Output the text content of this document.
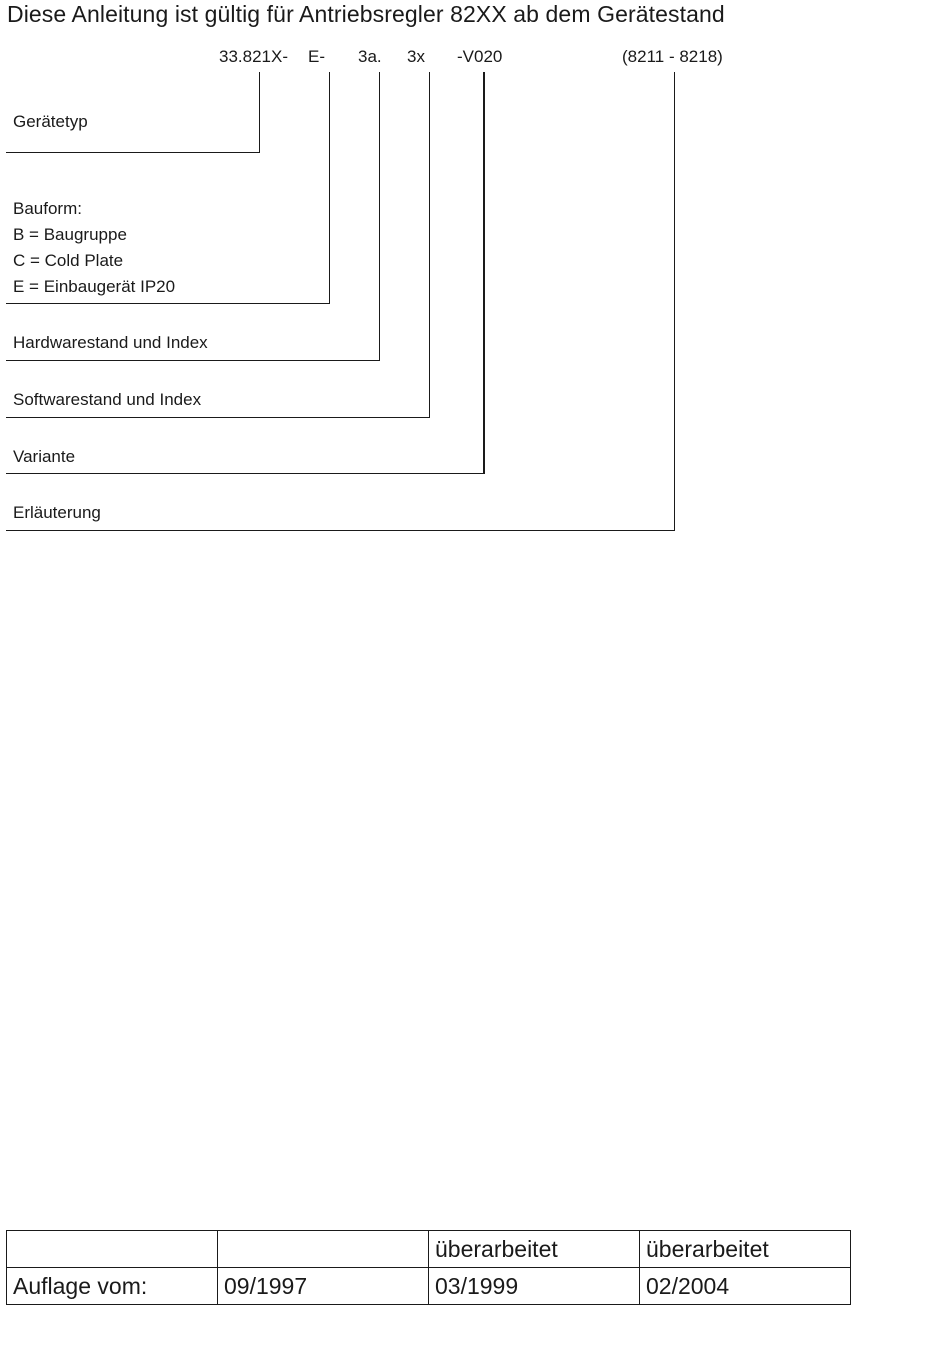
Diese Anleitung ist gültig für Antriebsregler 82XX ab dem Gerätestand
33.821X- E- 3a. 3x -V020	(8211 - 8218)
Gerätetyp
Bauform:
B = Baugruppe
C = Cold Plate
E = Einbaugerät IP20
Hardwarestand und Index
Softwarestand und Index
Variante
Erläuterung
		überarbeitet	überarbeitet
Auflage vom:	09/1997	03/1999	02/2004
